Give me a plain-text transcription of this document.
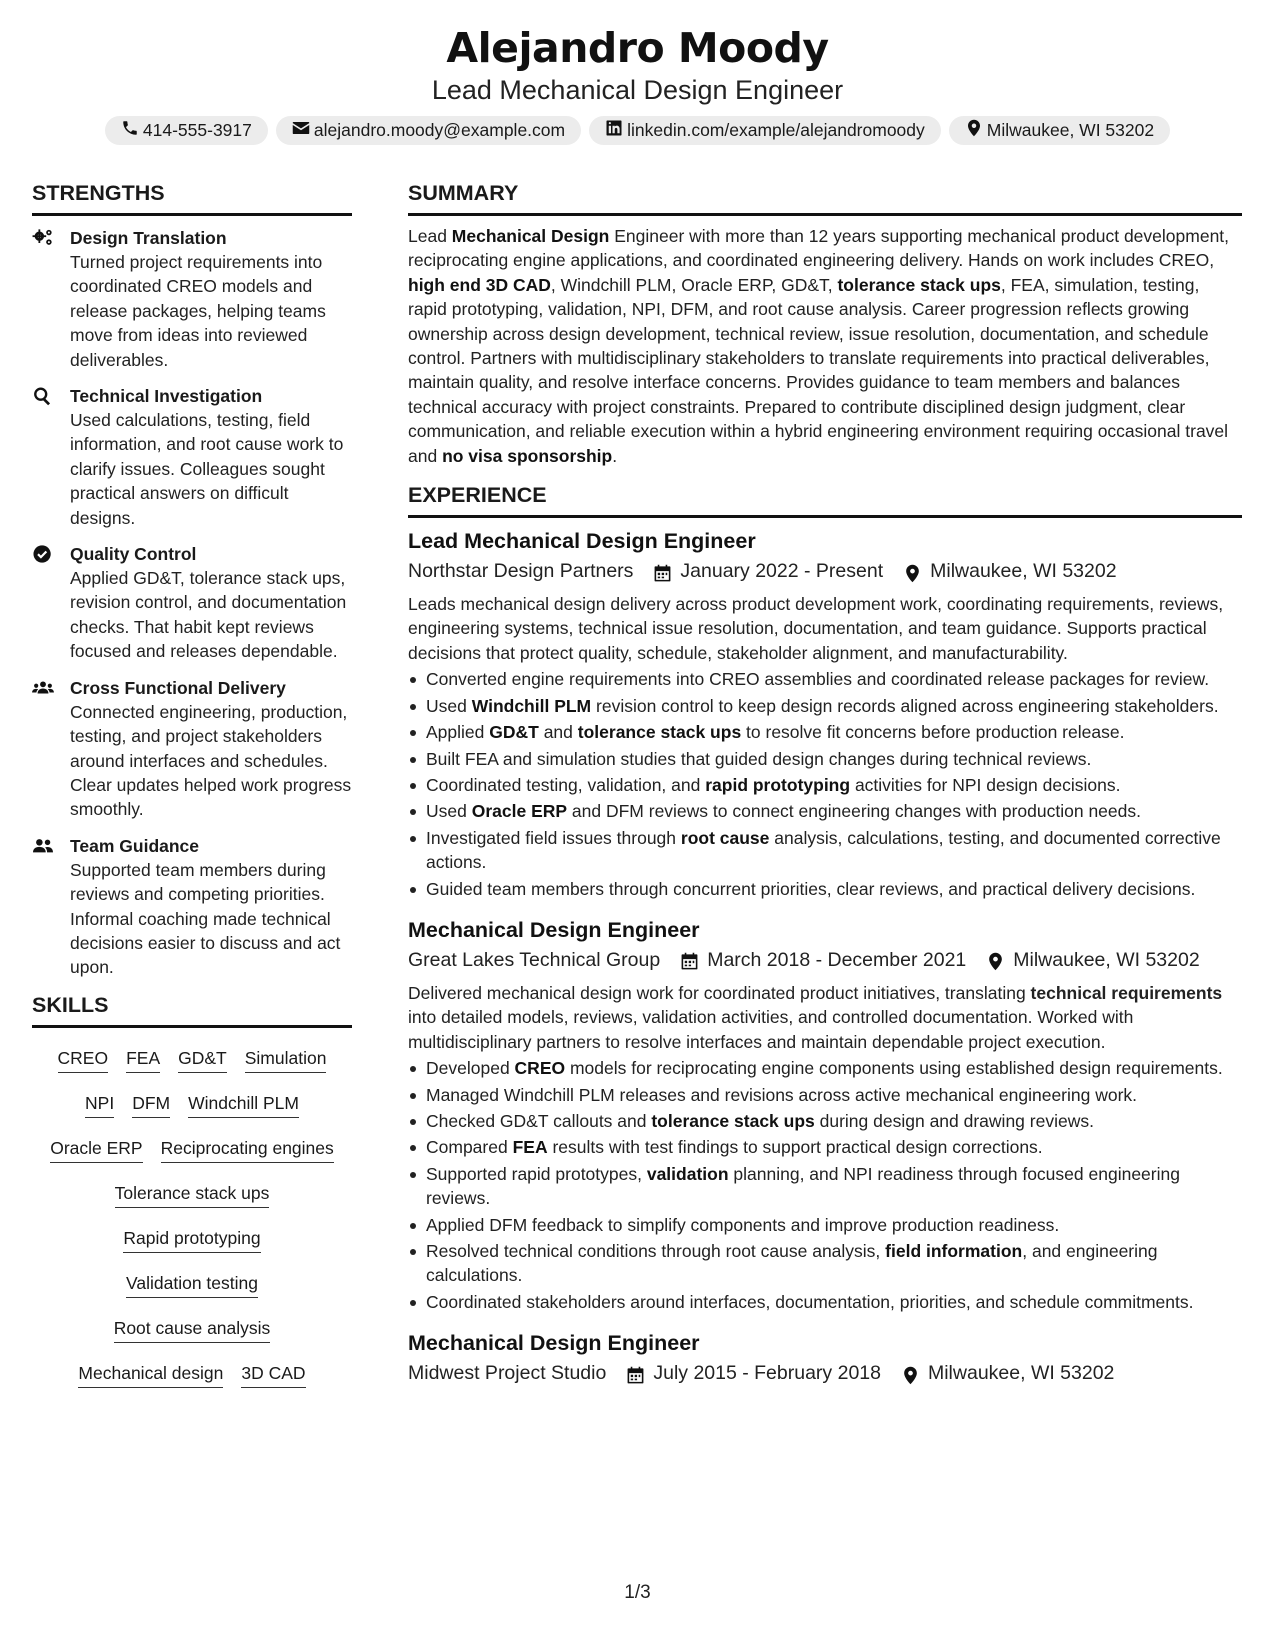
Alejandro Moody
Lead Mechanical Design Engineer
414-555-3917	alejandro.moody@example.com	linkedin.com/example/alejandromoody	Milwaukee, WI 53202
STRENGTHS
Design Translation
Turned project requirements into coordinated CREO models and release packages, helping teams move from ideas into reviewed deliverables.
Technical Investigation
Used calculations, testing, field information, and root cause work to clarify issues. Colleagues sought practical answers on difficult designs.
Quality Control
Applied GD&T, tolerance stack ups, revision control, and documentation checks. That habit kept reviews focused and releases dependable.
Cross Functional Delivery
Connected engineering, production, testing, and project stakeholders around interfaces and schedules. Clear updates helped work progress smoothly.
Team Guidance
Supported team members during reviews and competing priorities. Informal coaching made technical decisions easier to discuss and act upon.
SKILLS
CREO FEA GD&T Simulation
NPI DFM Windchill PLM
Oracle ERP Reciprocating engines
Tolerance stack ups
Rapid prototyping
Validation testing
Root cause analysis
Mechanical design 3D CAD
SUMMARY
Lead Mechanical Design Engineer with more than 12 years supporting mechanical product development, reciprocating engine applications, and coordinated engineering delivery. Hands on work includes CREO, high end 3D CAD, Windchill PLM, Oracle ERP, GD&T, tolerance stack ups, FEA, simulation, testing, rapid prototyping, validation, NPI, DFM, and root cause analysis. Career progression reflects growing ownership across design development, technical review, issue resolution, documentation, and schedule control. Partners with multidisciplinary stakeholders to translate requirements into practical deliverables, maintain quality, and resolve interface concerns. Provides guidance to team members and balances technical accuracy with project constraints. Prepared to contribute disciplined design judgment, clear communication, and reliable execution within a hybrid engineering environment requiring occasional travel and no visa sponsorship.
EXPERIENCE
Lead Mechanical Design Engineer
Northstar Design Partners January 2022 - Present Milwaukee, WI 53202
Leads mechanical design delivery across product development work, coordinating requirements, reviews, engineering systems, technical issue resolution, documentation, and team guidance. Supports practical decisions that protect quality, schedule, stakeholder alignment, and manufacturability.
Converted engine requirements into CREO assemblies and coordinated release packages for review.
Used Windchill PLM revision control to keep design records aligned across engineering stakeholders.
Applied GD&T and tolerance stack ups to resolve fit concerns before production release.
Built FEA and simulation studies that guided design changes during technical reviews.
Coordinated testing, validation, and rapid prototyping activities for NPI design decisions.
Used Oracle ERP and DFM reviews to connect engineering changes with production needs.
Investigated field issues through root cause analysis, calculations, testing, and documented corrective actions.
Guided team members through concurrent priorities, clear reviews, and practical delivery decisions.
Mechanical Design Engineer
Great Lakes Technical Group March 2018 - December 2021 Milwaukee, WI 53202
Delivered mechanical design work for coordinated product initiatives, translating technical requirements into detailed models, reviews, validation activities, and controlled documentation. Worked with multidisciplinary partners to resolve interfaces and maintain dependable project execution.
Developed CREO models for reciprocating engine components using established design requirements.
Managed Windchill PLM releases and revisions across active mechanical engineering work.
Checked GD&T callouts and tolerance stack ups during design and drawing reviews.
Compared FEA results with test findings to support practical design corrections.
Supported rapid prototypes, validation planning, and NPI readiness through focused engineering reviews.
Applied DFM feedback to simplify components and improve production readiness.
Resolved technical conditions through root cause analysis, field information, and engineering calculations.
Coordinated stakeholders around interfaces, documentation, priorities, and schedule commitments.
Mechanical Design Engineer
Midwest Project Studio July 2015 - February 2018 Milwaukee, WI 53202
1/3
